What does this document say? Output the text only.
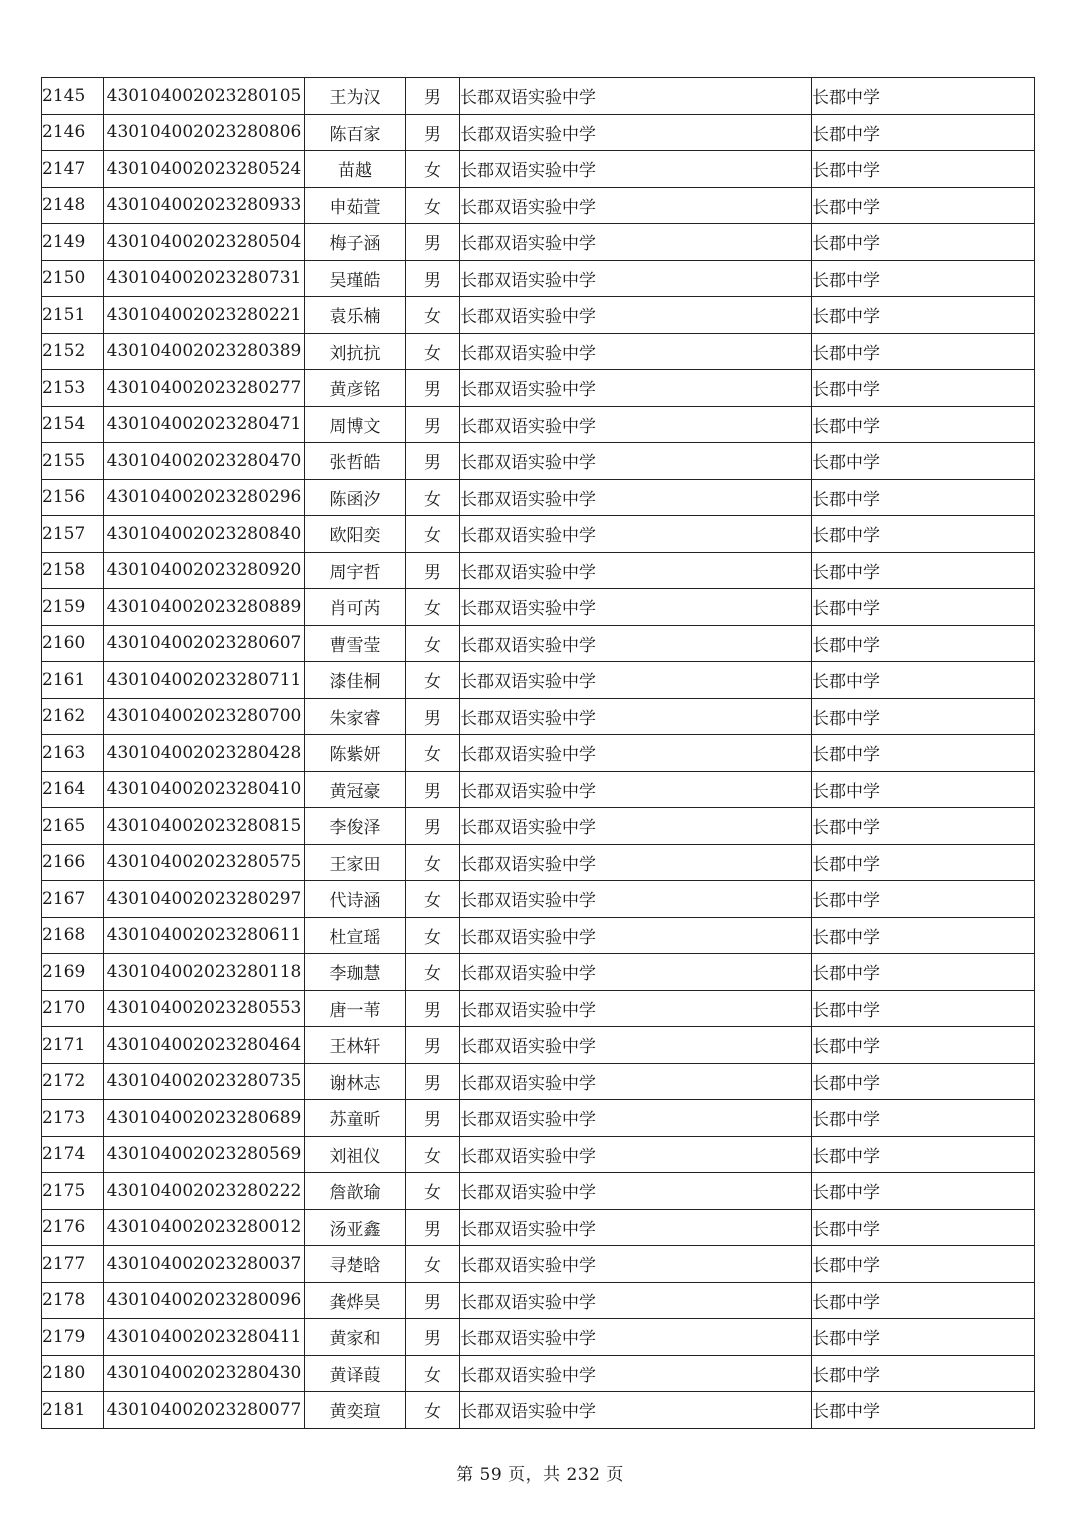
2145	430104002023280105	王为汉	男	长郡双语实验中学	长郡中学
2146	430104002023280806	陈百家	男	长郡双语实验中学	长郡中学
2147	430104002023280524	苗越	女	长郡双语实验中学	长郡中学
2148	430104002023280933	申茹萱	女	长郡双语实验中学	长郡中学
2149	430104002023280504	梅子涵	男	长郡双语实验中学	长郡中学
2150	430104002023280731	吴瑾皓	男	长郡双语实验中学	长郡中学
2151	430104002023280221	袁乐楠	女	长郡双语实验中学	长郡中学
2152	430104002023280389	刘抗抗	女	长郡双语实验中学	长郡中学
2153	430104002023280277	黄彦铭	男	长郡双语实验中学	长郡中学
2154	430104002023280471	周博文	男	长郡双语实验中学	长郡中学
2155	430104002023280470	张哲皓	男	长郡双语实验中学	长郡中学
2156	430104002023280296	陈函汐	女	长郡双语实验中学	长郡中学
2157	430104002023280840	欧阳奕	女	长郡双语实验中学	长郡中学
2158	430104002023280920	周宇哲	男	长郡双语实验中学	长郡中学
2159	430104002023280889	肖可芮	女	长郡双语实验中学	长郡中学
2160	430104002023280607	曹雪莹	女	长郡双语实验中学	长郡中学
2161	430104002023280711	漆佳桐	女	长郡双语实验中学	长郡中学
2162	430104002023280700	朱家睿	男	长郡双语实验中学	长郡中学
2163	430104002023280428	陈紫妍	女	长郡双语实验中学	长郡中学
2164	430104002023280410	黄冠豪	男	长郡双语实验中学	长郡中学
2165	430104002023280815	李俊泽	男	长郡双语实验中学	长郡中学
2166	430104002023280575	王家田	女	长郡双语实验中学	长郡中学
2167	430104002023280297	代诗涵	女	长郡双语实验中学	长郡中学
2168	430104002023280611	杜宣瑶	女	长郡双语实验中学	长郡中学
2169	430104002023280118	李珈慧	女	长郡双语实验中学	长郡中学
2170	430104002023280553	唐一苇	男	长郡双语实验中学	长郡中学
2171	430104002023280464	王林轩	男	长郡双语实验中学	长郡中学
2172	430104002023280735	谢林志	男	长郡双语实验中学	长郡中学
2173	430104002023280689	苏童昕	男	长郡双语实验中学	长郡中学
2174	430104002023280569	刘祖仪	女	长郡双语实验中学	长郡中学
2175	430104002023280222	詹歆瑜	女	长郡双语实验中学	长郡中学
2176	430104002023280012	汤亚鑫	男	长郡双语实验中学	长郡中学
2177	430104002023280037	寻楚晗	女	长郡双语实验中学	长郡中学
2178	430104002023280096	龚烨昊	男	长郡双语实验中学	长郡中学
2179	430104002023280411	黄家和	男	长郡双语实验中学	长郡中学
2180	430104002023280430	黄译葭	女	长郡双语实验中学	长郡中学
2181	430104002023280077	黄奕瑄	女	长郡双语实验中学	长郡中学
第 59 页，共 232 页
